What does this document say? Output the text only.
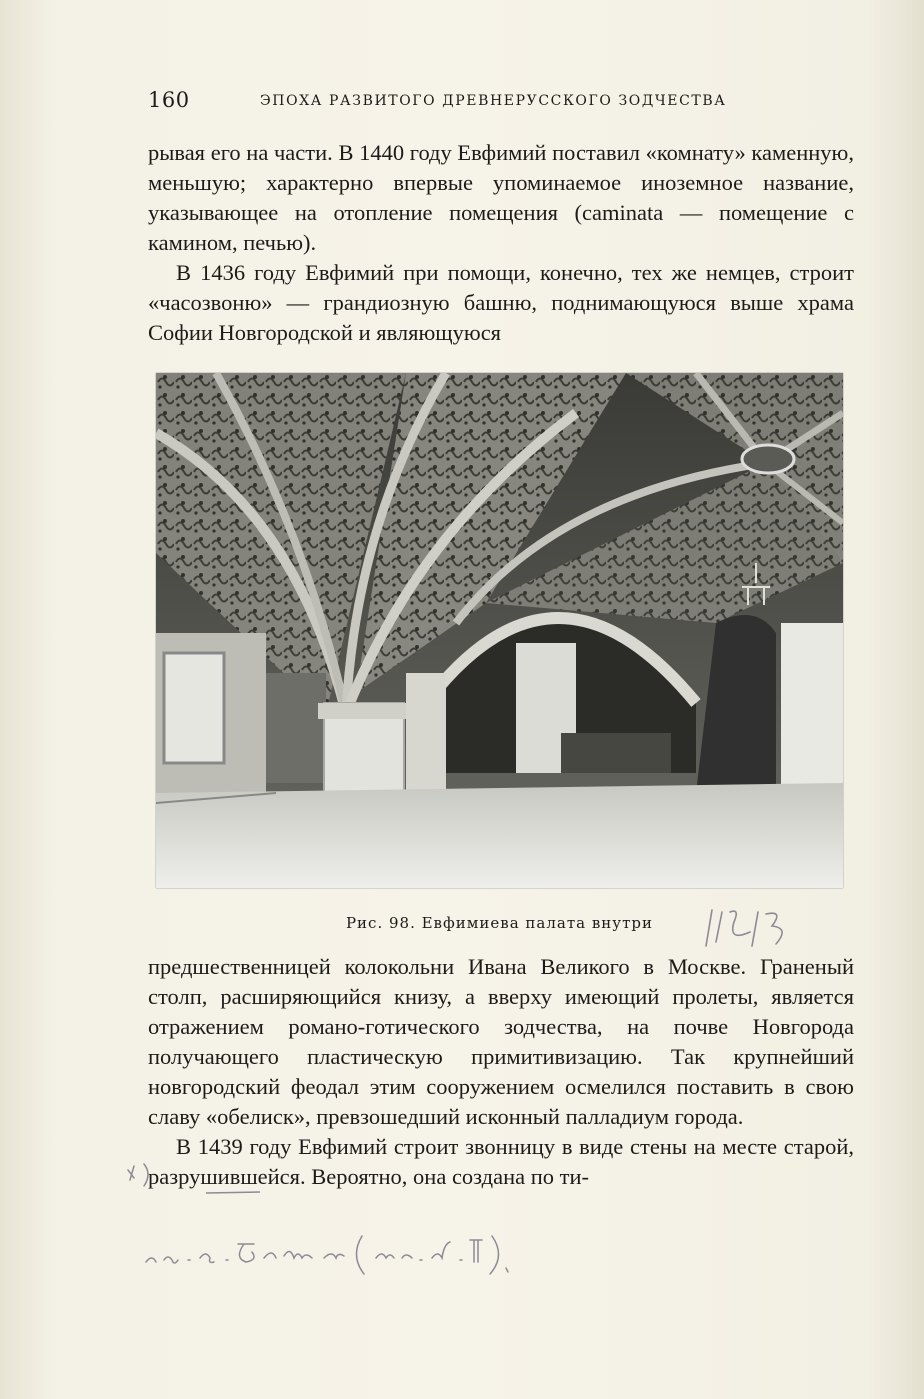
160	ЭПОХА РАЗВИТОГО ДРЕВНЕРУССКОГО ЗОДЧЕСТВА

рывая его на части. В 1440 году Евфимий поставил «комнату» каменную, меньшую; характерно впервые упоминаемое иноземное название, указывающее на отопление помещения (caminata — помещение с камином, печью).

В 1436 году Евфимий при помощи, конечно, тех же немцев, строит «часозвоню» — грандиозную башню, поднимающуюся выше храма Софии Новгородской и являющуюся

Рис. 98. Евфимиева палата внутри

предшественницей колокольни Ивана Великого в Москве. Граненый столп, расширяющийся книзу, а вверху имеющий пролеты, является отражением романо-готического зодчества, на почве Новгорода получающего пластическую примитивизацию. Так крупнейший новгородский феодал этим сооружением осмелился поставить в свою славу «обелиск», превзошедший исконный палладиум города.

В 1439 году Евфимий строит звонницу в виде стены на месте старой, разрушившейся. Вероятно, она создана по ти-
